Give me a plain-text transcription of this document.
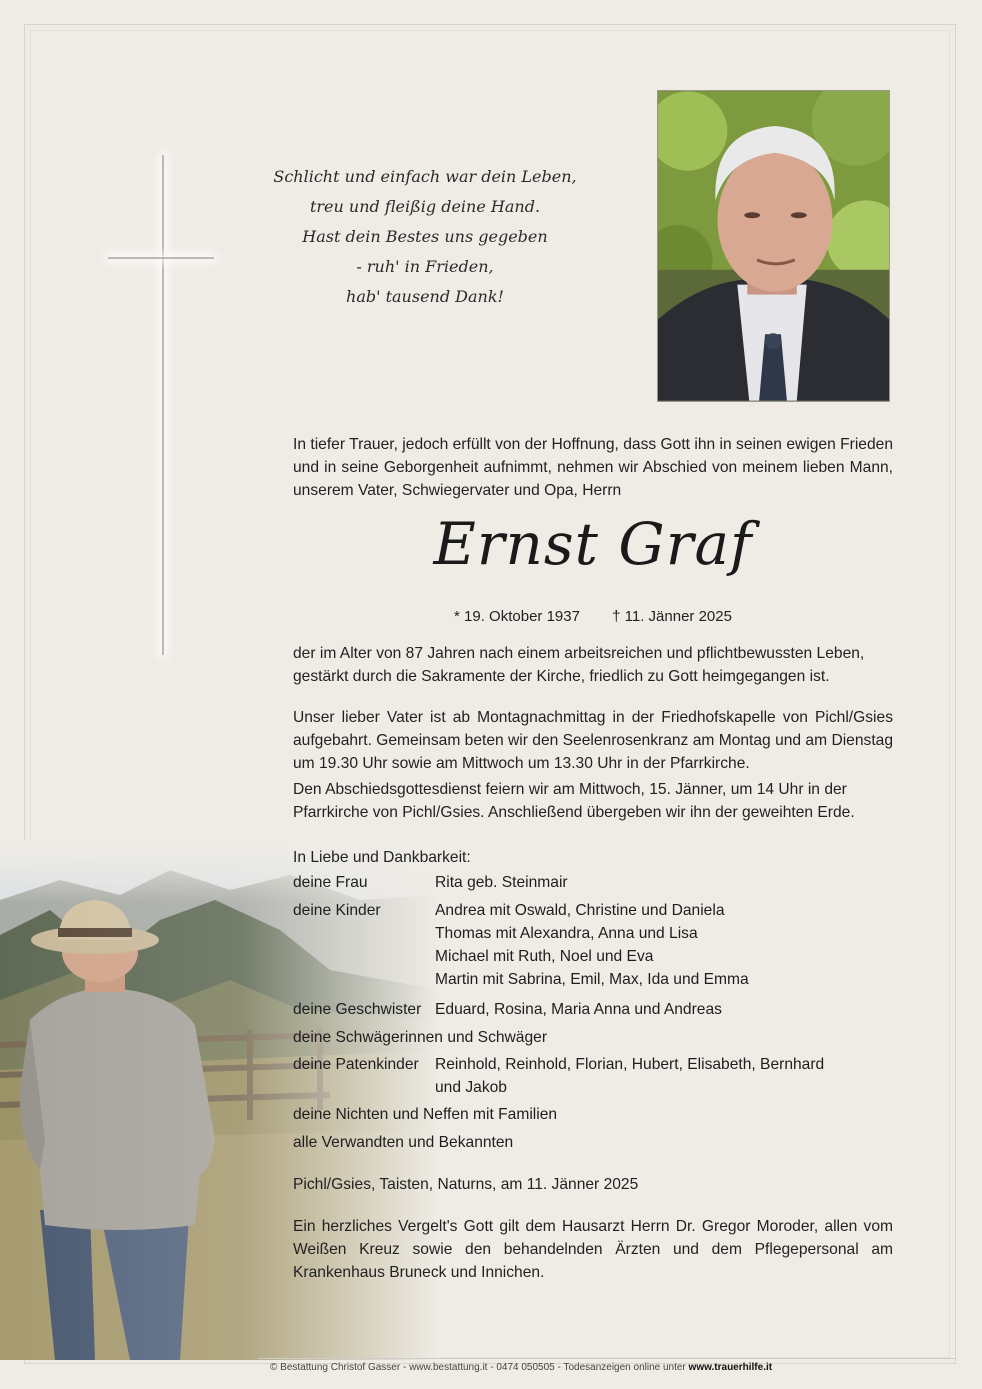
Schlicht und einfach war dein Leben,
treu und fleißig deine Hand.
Hast dein Bestes uns gegeben
- ruh' in Frieden,
hab' tausend Dank!
In tiefer Trauer, jedoch erfüllt von der Hoffnung, dass Gott ihn in seinen ewigen Frieden und in seine Geborgenheit aufnimmt, nehmen wir Abschied von meinem lieben Mann, unserem Vater, Schwiegervater und Opa, Herrn
Ernst Graf
* 19. Oktober 1937 † 11. Jänner 2025
der im Alter von 87 Jahren nach einem arbeitsreichen und pflichtbewussten Leben, gestärkt durch die Sakramente der Kirche, friedlich zu Gott heimgegangen ist.
Unser lieber Vater ist ab Montagnachmittag in der Friedhofskapelle von Pichl/Gsies aufgebahrt. Gemeinsam beten wir den Seelenrosenkranz am Montag und am Dienstag um 19.30 Uhr sowie am Mittwoch um 13.30 Uhr in der Pfarrkirche.
Den Abschiedsgottesdienst feiern wir am Mittwoch, 15. Jänner, um 14 Uhr in der Pfarrkirche von Pichl/Gsies. Anschließend übergeben wir ihn der geweihten Erde.
In Liebe und Dankbarkeit:
deine Frau	Rita geb. Steinmair
deine Kinder	Andrea mit Oswald, Christine und Daniela
Thomas mit Alexandra, Anna und Lisa
Michael mit Ruth, Noel und Eva
Martin mit Sabrina, Emil, Max, Ida und Emma
deine Geschwister Eduard, Rosina, Maria Anna und Andreas
deine Schwägerinnen und Schwäger
deine Patenkinder Reinhold, Reinhold, Florian, Hubert, Elisabeth, Bernhard
und Jakob
deine Nichten und Neffen mit Familien
alle Verwandten und Bekannten
Pichl/Gsies, Taisten, Naturns, am 11. Jänner 2025
Ein herzliches Vergelt's Gott gilt dem Hausarzt Herrn Dr. Gregor Moroder, allen vom Weißen Kreuz sowie den behandelnden Ärzten und dem Pflegepersonal am Krankenhaus Bruneck und Innichen.
© Bestattung Christof Gasser - www.bestattung.it - 0474 050505 - Todesanzeigen online unter www.trauerhilfe.it
